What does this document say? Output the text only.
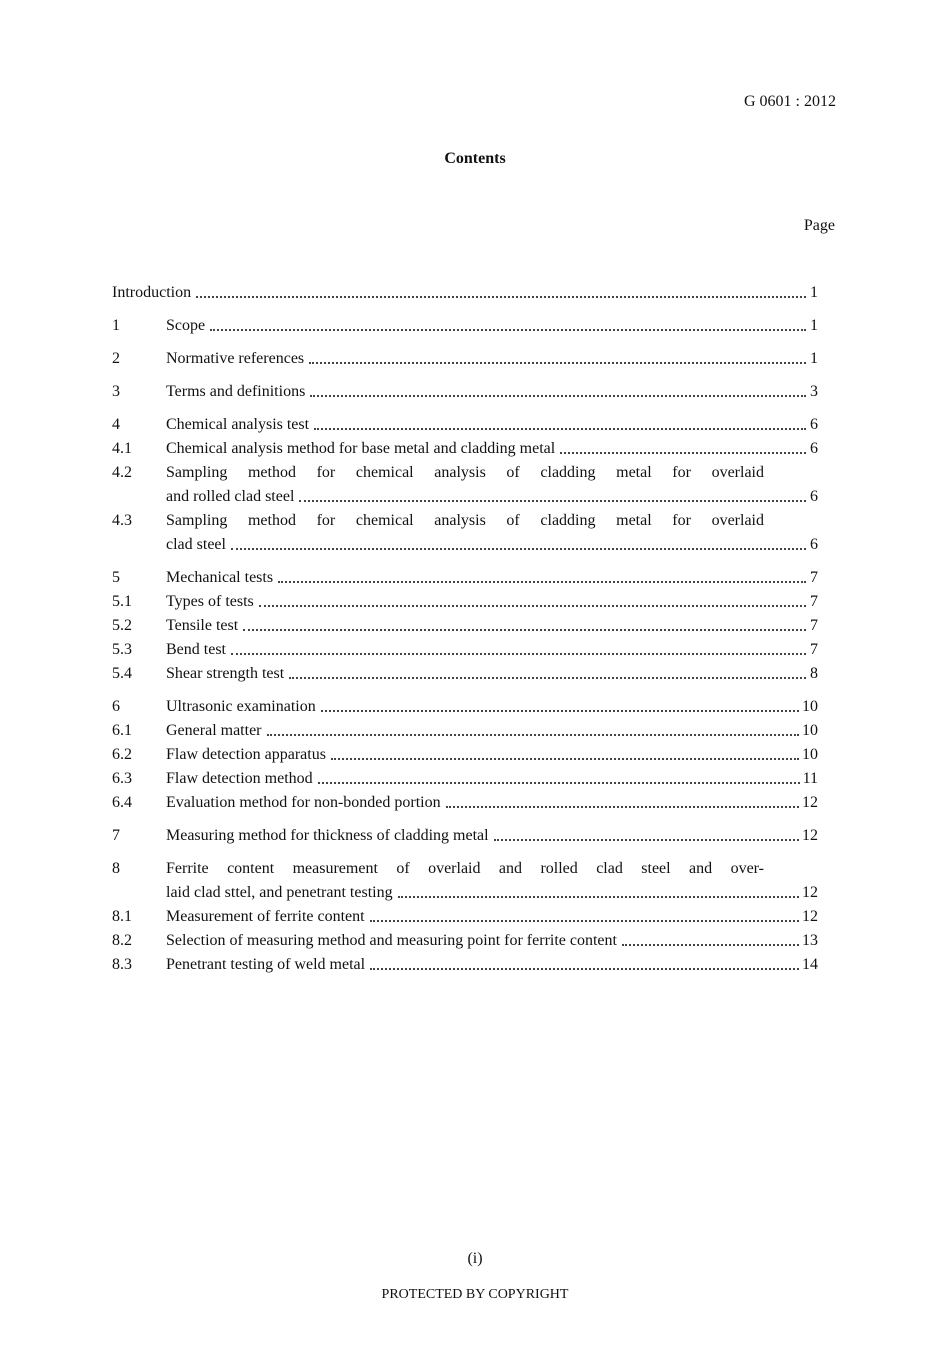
G 0601 : 2012
Contents
Page
Introduction	1
1	Scope	1
2	Normative references	1
3	Terms and definitions	3
4	Chemical analysis test	6
4.1	Chemical analysis method for base metal and cladding metal	6
4.2	Sampling method for chemical analysis of cladding metal for overlaid
and rolled clad steel	6
4.3	Sampling method for chemical analysis of cladding metal for overlaid
clad steel	6
5	Mechanical tests	7
5.1	Types of tests	7
5.2	Tensile test	7
5.3	Bend test	7
5.4	Shear strength test	8
6	Ultrasonic examination	10
6.1	General matter	10
6.2	Flaw detection apparatus	10
6.3	Flaw detection method	11
6.4	Evaluation method for non-bonded portion	12
7	Measuring method for thickness of cladding metal	12
8	Ferrite content measurement of overlaid and rolled clad steel and over-
laid clad sttel, and penetrant testing	12
8.1	Measurement of ferrite content	12
8.2	Selection of measuring method and measuring point for ferrite content	13
8.3	Penetrant testing of weld metal	14
(i)
PROTECTED BY COPYRIGHT
